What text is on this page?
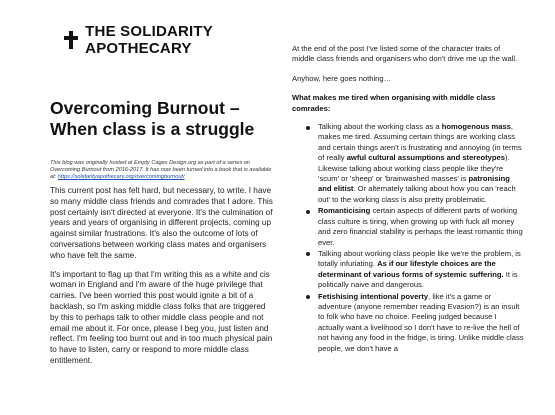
THE SOLIDARITY APOTHECARY
Overcoming Burnout – When class is a struggle

This blog was originally hosted at Empty Cages Design.org as part of a series on Overcoming Burnout from 2016-2017. It has now been turned into a book that is available at: https://solidarityapothecary.org/overcomingburnout/

This current post has felt hard, but necessary, to write. I have so many middle class friends and comrades that I adore. This post certainly isn't directed at everyone. It's the culmination of years and years of organising in different projects, coming up against similar frustrations. It's also the outcome of lots of conversations between working class mates and organisers who have felt the same.

It's important to flag up that I'm writing this as a white and cis woman in England and I'm aware of the huge privilege that carries. I've been worried this post would ignite a bit of a backlash, so I'm asking middle class folks that are triggered by this to perhaps talk to other middle class people and not email me about it. For once, please I beg you, just listen and reflect. I'm feeling too burnt out and in too much physical pain to have to listen, carry or respond to more middle class entitlement.

At the end of the post I've listed some of the character traits of middle class friends and organisers who don't drive me up the wall.

Anyhow, here goes nothing…

What makes me tired when organising with middle class comrades:

Talking about the working class as a homogenous mass, makes me tired. Assuming certain things are working class and certain things aren't is frustrating and annoying (in terms of really awful cultural assumptions and stereotypes). Likewise talking about working class people like they're 'scum' or 'sheep' or 'brainwashed masses' is patronising and elitist. Or alternately talking about how you can 'reach out' to the working class is also pretty problematic.
Romanticising certain aspects of different parts of working class culture is tiring, when growing up with fuck all money and zero financial stability is perhaps the least romantic thing ever.
Talking about working class people like we're the problem, is totally infuriating. As if our lifestyle choices are the determinant of various forms of systemic suffering. It is politically naive and dangerous.
Fetishising intentional poverty, like it's a game or adventure (anyone remember reading Evasion?) is an insult to folk who have no choice. Feeling judged because I actually want a livelihood so I don't have to re-live the hell of not having any food in the fridge, is tiring. Unlike middle class people, we don't have a
